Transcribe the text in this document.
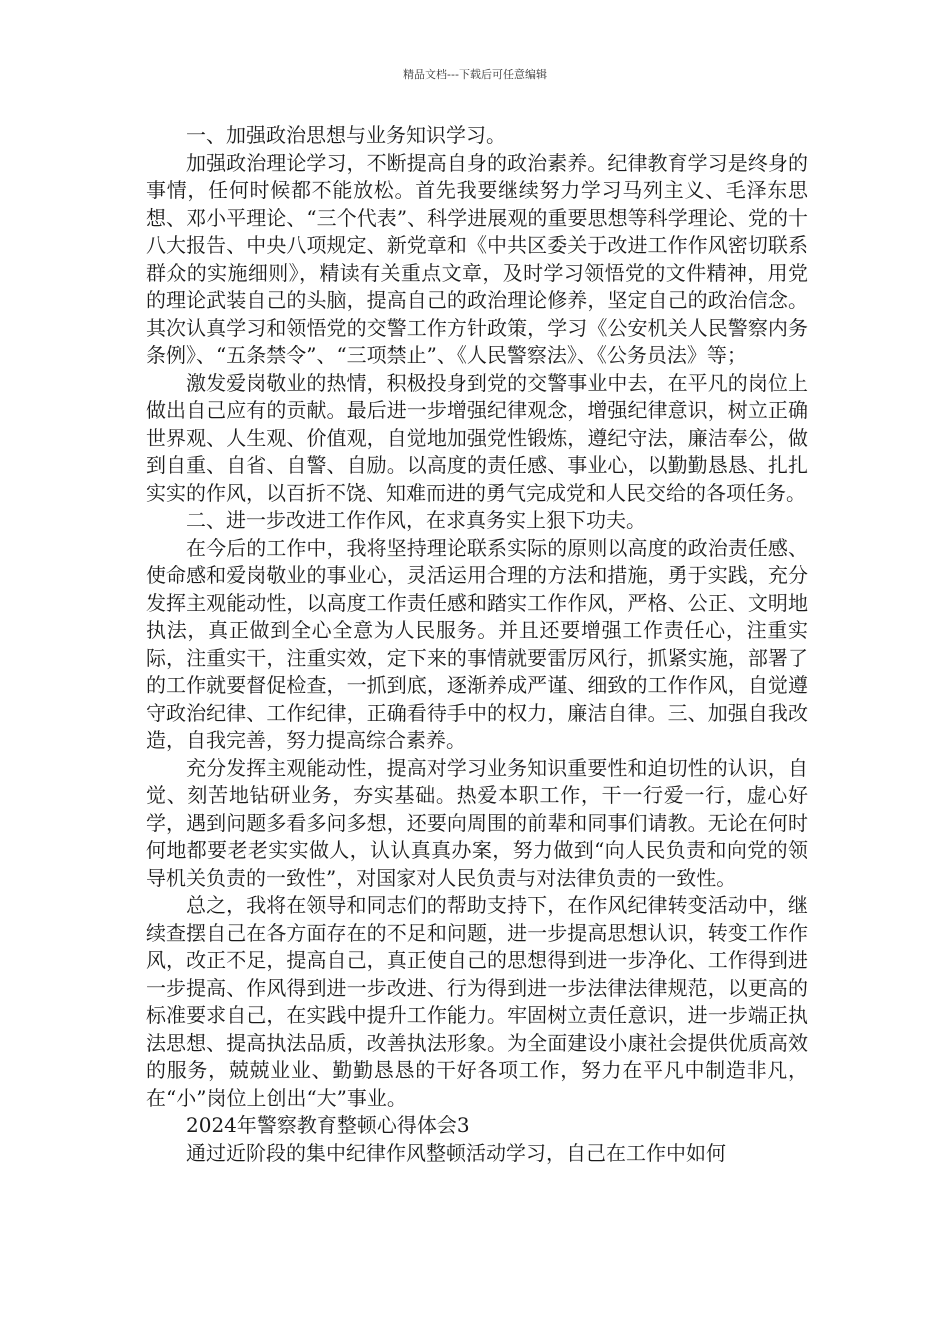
精品文档---下载后可任意编辑

一、加强政治思想与业务知识学习。

加强政治理论学习，不断提高自身的政治素养。纪律教育学习是终身的事情，任何时候都不能放松。首先我要继续努力学习马列主义、毛泽东思想、邓小平理论、“三个代表”、科学进展观的重要思想等科学理论、党的十八大报告、中央八项规定、新党章和《中共区委关于改进工作作风密切联系群众的实施细则》，精读有关重点文章，及时学习领悟党的文件精神，用党的理论武装自己的头脑，提高自己的政治理论修养，坚定自己的政治信念。其次认真学习和领悟党的交警工作方针政策，学习《公安机关人民警察内务条例》、“五条禁令”、“三项禁止”、《人民警察法》、《公务员法》等；

激发爱岗敬业的热情，积极投身到党的交警事业中去，在平凡的岗位上做出自己应有的贡献。最后进一步增强纪律观念，增强纪律意识，树立正确世界观、人生观、价值观，自觉地加强党性锻炼，遵纪守法，廉洁奉公，做到自重、自省、自警、自励。以高度的责任感、事业心，以勤勤恳恳、扎扎实实的作风，以百折不饶、知难而进的勇气完成党和人民交给的各项任务。

二、进一步改进工作作风，在求真务实上狠下功夫。

在今后的工作中，我将坚持理论联系实际的原则以高度的政治责任感、使命感和爱岗敬业的事业心，灵活运用合理的方法和措施，勇于实践，充分发挥主观能动性，以高度工作责任感和踏实工作作风，严格、公正、文明地执法，真正做到全心全意为人民服务。并且还要增强工作责任心，注重实际，注重实干，注重实效，定下来的事情就要雷厉风行，抓紧实施，部署了的工作就要督促检查，一抓到底，逐渐养成严谨、细致的工作作风，自觉遵守政治纪律、工作纪律，正确看待手中的权力，廉洁自律。三、加强自我改造，自我完善，努力提高综合素养。

充分发挥主观能动性，提高对学习业务知识重要性和迫切性的认识，自觉、刻苦地钻研业务，夯实基础。热爱本职工作，干一行爱一行，虚心好学，遇到问题多看多问多想，还要向周围的前辈和同事们请教。无论在何时何地都要老老实实做人，认认真真办案，努力做到“向人民负责和向党的领导机关负责的一致性”，对国家对人民负责与对法律负责的一致性。

总之，我将在领导和同志们的帮助支持下，在作风纪律转变活动中，继续查摆自己在各方面存在的不足和问题，进一步提高思想认识，转变工作作风，改正不足，提高自己，真正使自己的思想得到进一步净化、工作得到进一步提高、作风得到进一步改进、行为得到进一步法律法律规范，以更高的标准要求自己，在实践中提升工作能力。牢固树立责任意识，进一步端正执法思想、提高执法品质，改善执法形象。为全面建设小康社会提供优质高效的服务，兢兢业业、勤勤恳恳的干好各项工作，努力在平凡中制造非凡，在“小”岗位上创出“大”事业。

2024年警察教育整顿心得体会3

通过近阶段的集中纪律作风整顿活动学习，自己在工作中如何
